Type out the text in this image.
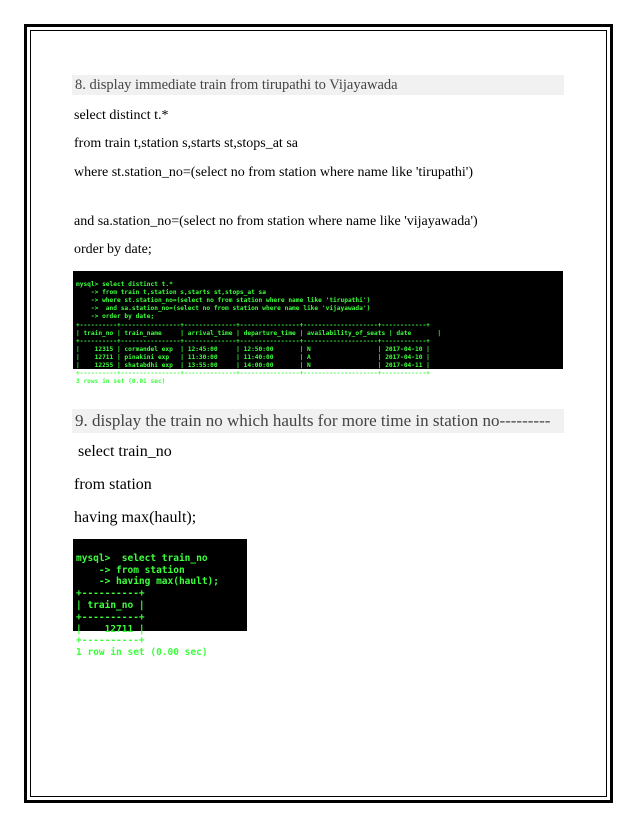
8. display immediate train from tirupathi to Vijayawada
select distinct t.*
from train t,station s,starts st,stops_at sa
where st.station_no=(select no from station where name like 'tirupathi')
and sa.station_no=(select no from station where name like 'vijayawada')
order by date;

mysql> select distinct t.*
-> from train t,station s,starts st,stops_at sa
-> where st.station_no=(select no from station where name like 'tirupathi')
->  and sa.station_no=(select no from station where name like 'vijayawada')
-> order by date;
+----------+----------------+--------------+----------------+--------------------+------------+
| train_no | train_name     | arrival_time | departure_time | availability_of_seats | date       |
+----------+----------------+--------------+----------------+--------------------+------------+
|    12315 | cormandel exp  | 12:45:00     | 12:50:00       | N                  | 2017-04-10 |
|    12711 | pinakini exp   | 11:30:00     | 11:40:00       | A                  | 2017-04-10 |
|    12255 | shatabdhi exp  | 13:55:00     | 14:00:00       | N                  | 2017-04-11 |
+----------+----------------+--------------+----------------+--------------------+------------+
3 rows in set (0.01 sec)

9. display the train no which haults for more time in station no---------
select train_no
from station
having max(hault);

mysql>  select train_no
-> from station
-> having max(hault);
+----------+
| train_no |
+----------+
|    12711 |
+----------+
1 row in set (0.00 sec)
